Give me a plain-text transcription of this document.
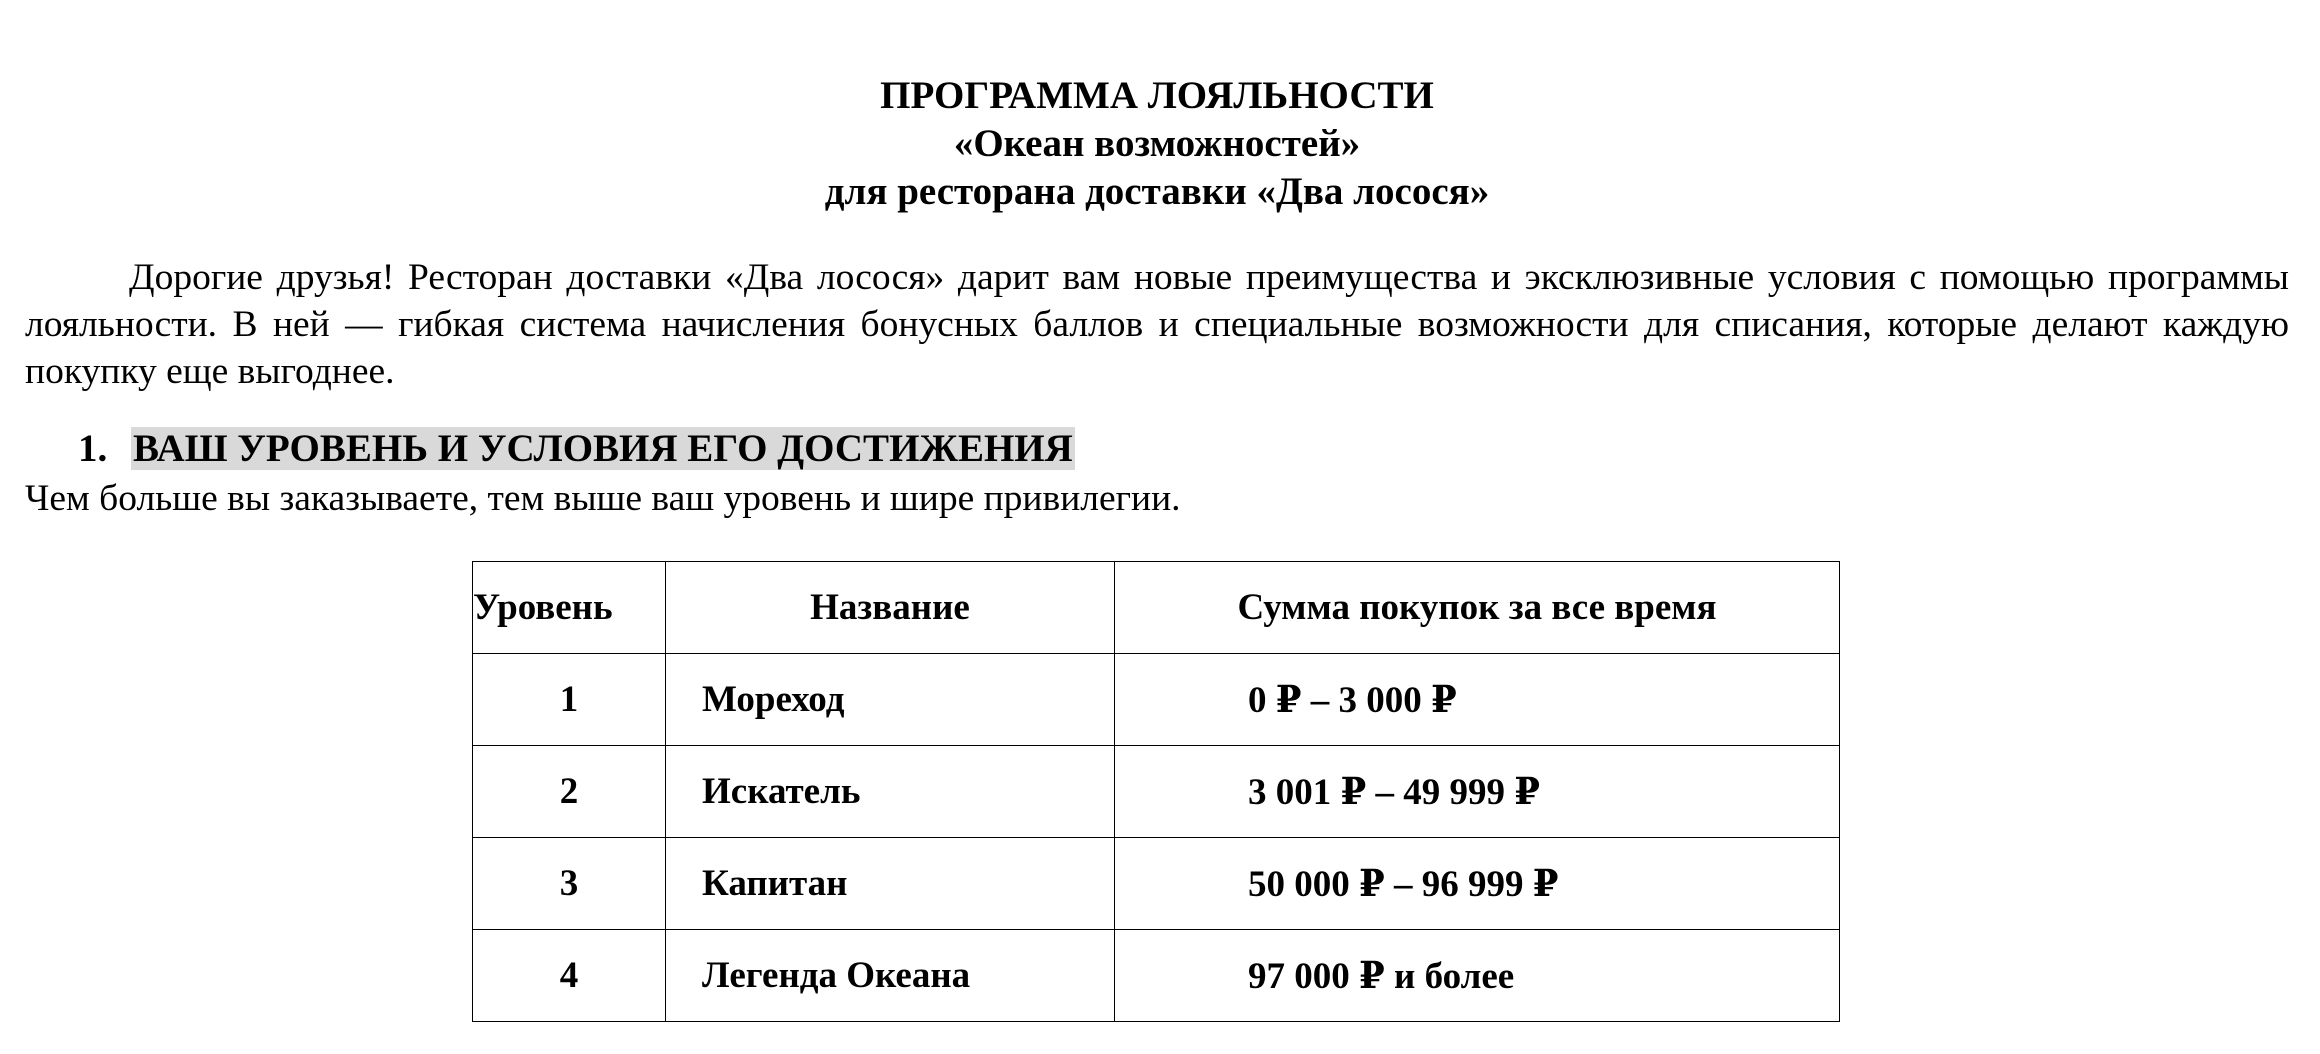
ПРОГРАММА ЛОЯЛЬНОСТИ
«Океан возможностей»
для ресторана доставки «Два лосося»

Дорогие друзья! Ресторан доставки «Два лосося» дарит вам новые преимущества и эксклюзивные условия с помощью программы лояльности. В ней — гибкая система начисления бонусных баллов и специальные возможности для списания, которые делают каждую покупку еще выгоднее.

1. ВАШ УРОВЕНЬ И УСЛОВИЯ ЕГО ДОСТИЖЕНИЯ
Чем больше вы заказываете, тем выше ваш уровень и шире привилегии.
Уровень	Название	Сумма покупок за все время
1	Мореход	0 ₽ – 3 000 ₽
2	Искатель	3 001 ₽ – 49 999 ₽
3	Капитан	50 000 ₽ – 96 999 ₽
4	Легенда Океана	97 000 ₽ и более
